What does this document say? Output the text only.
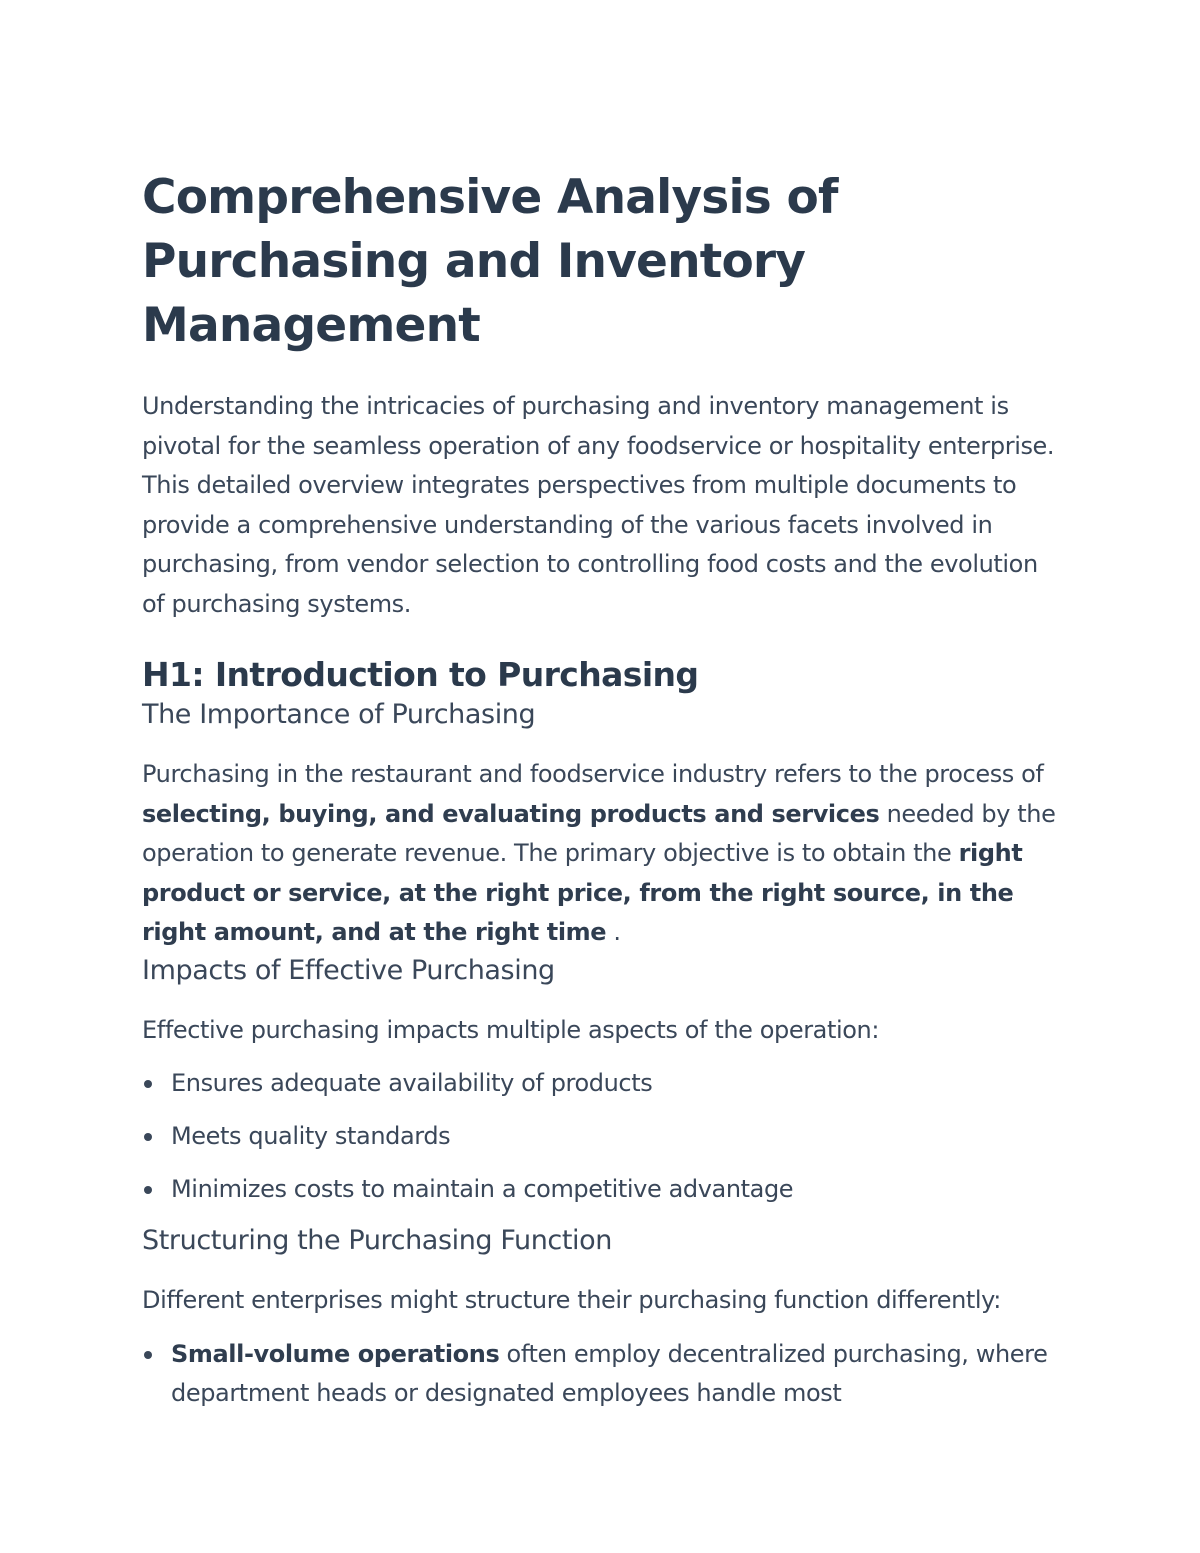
Comprehensive Analysis of Purchasing and Inventory Management

Understanding the intricacies of purchasing and inventory management is pivotal for the seamless operation of any foodservice or hospitality enterprise. This detailed overview integrates perspectives from multiple documents to provide a comprehensive understanding of the various facets involved in purchasing, from vendor selection to controlling food costs and the evolution of purchasing systems.

H1: Introduction to Purchasing
The Importance of Purchasing

Purchasing in the restaurant and foodservice industry refers to the process of selecting, buying, and evaluating products and services needed by the operation to generate revenue. The primary objective is to obtain the right product or service, at the right price, from the right source, in the right amount, and at the right time .

Impacts of Effective Purchasing

Effective purchasing impacts multiple aspects of the operation:

Ensures adequate availability of products
Meets quality standards
Minimizes costs to maintain a competitive advantage
Structuring the Purchasing Function

Different enterprises might structure their purchasing function differently:

Small-volume operations often employ decentralized purchasing, where department heads or designated employees handle most
